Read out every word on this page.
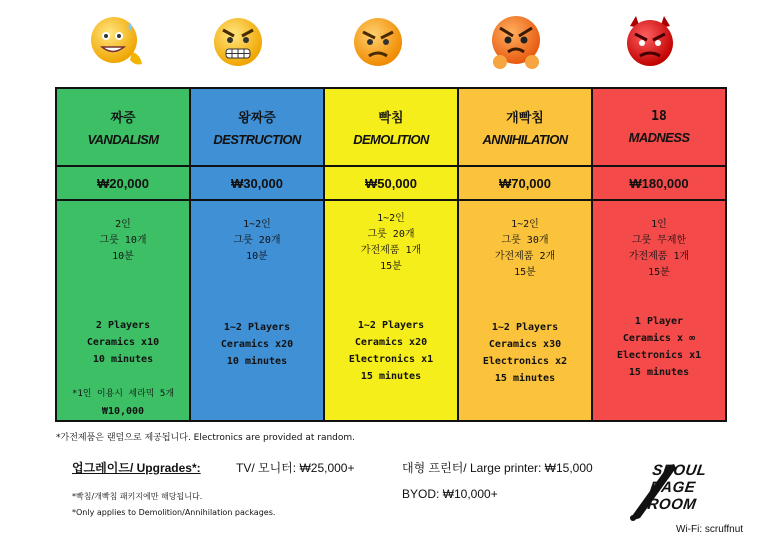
짜증
VANDALISM
₩20,000
2인
그룻 10개
10분
2 Players
Ceramics x10
10 minutes
*1인 이용시 세라믹 5개
₩10,000
왕짜증
DESTRUCTION
₩30,000
1~2인
그룻 20개
10분
1~2 Players
Ceramics x20
10 minutes
빡침
DEMOLITION
₩50,000
1~2인
그룻 20개
가전제품 1개
15분
1~2 Players
Ceramics x20
Electronics x1
15 minutes
개빡침
ANNIHILATION
₩70,000
1~2인
그룻 30개
가전제품 2개
15분
1~2 Players
Ceramics x30
Electronics x2
15 minutes
18
MADNESS
₩180,000
1인
그룻 무제한
가전제품 1개
15분
1 Player
Ceramics x ∞
Electronics x1
15 minutes
*가전제품은 랜덤으로 제공됩니다. Electronics are provided at random.
업그레이드/ Upgrades*:	TV/ 모니터: ₩25,000+	대형 프린터/ Large printer: ₩15,000
BYOD: ₩10,000+
*빡침/개빡침 패키지에만 해당됩니다.
*Only applies to Demolition/Annihilation packages.
SEOUL
RAGE
ROOM
Wi-Fi: scruffnut
